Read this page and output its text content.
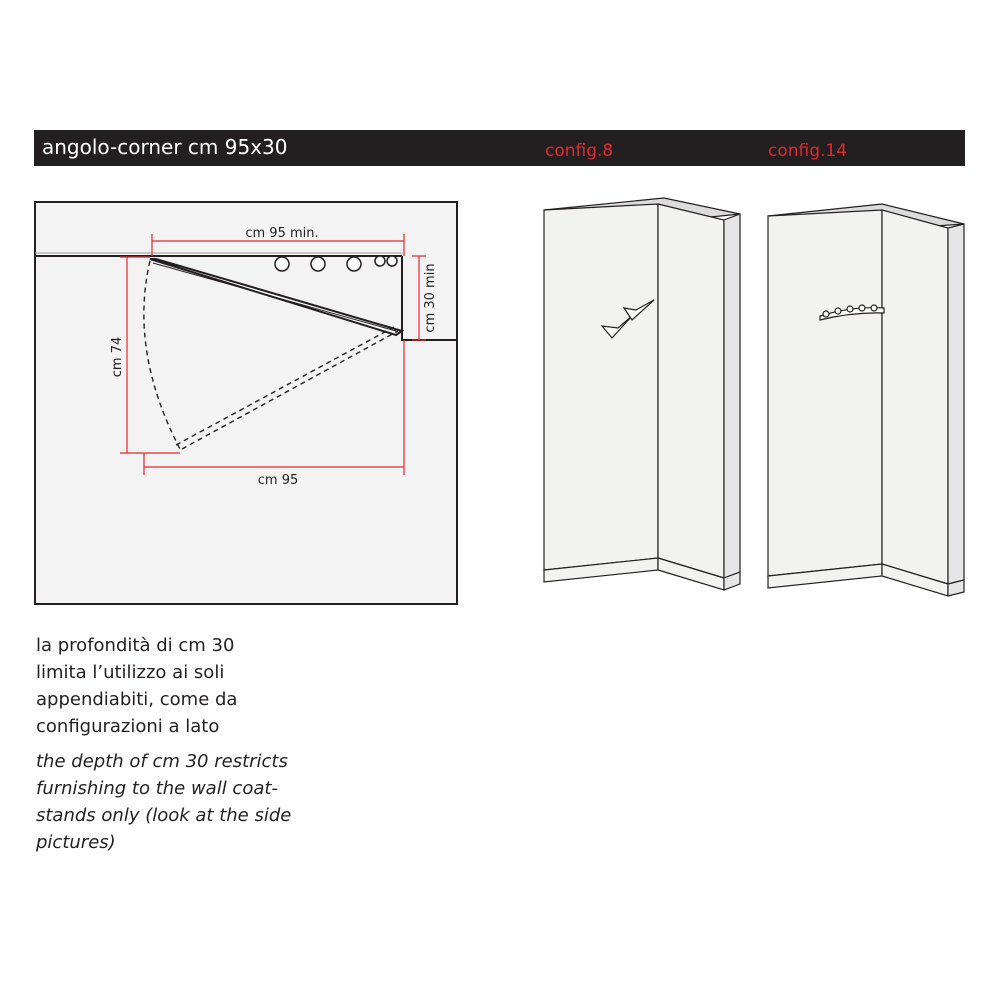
angolo-corner cm 95x30	config.8	config.14
cm 95 min.
cm 30 min
cm 74
cm 95
la profondità di cm 30
limita l’utilizzo ai soli
appendiabiti, come da
configurazioni a lato
the depth of cm 30 restricts
furnishing to the wall coat-
stands only (look at the side
pictures)
